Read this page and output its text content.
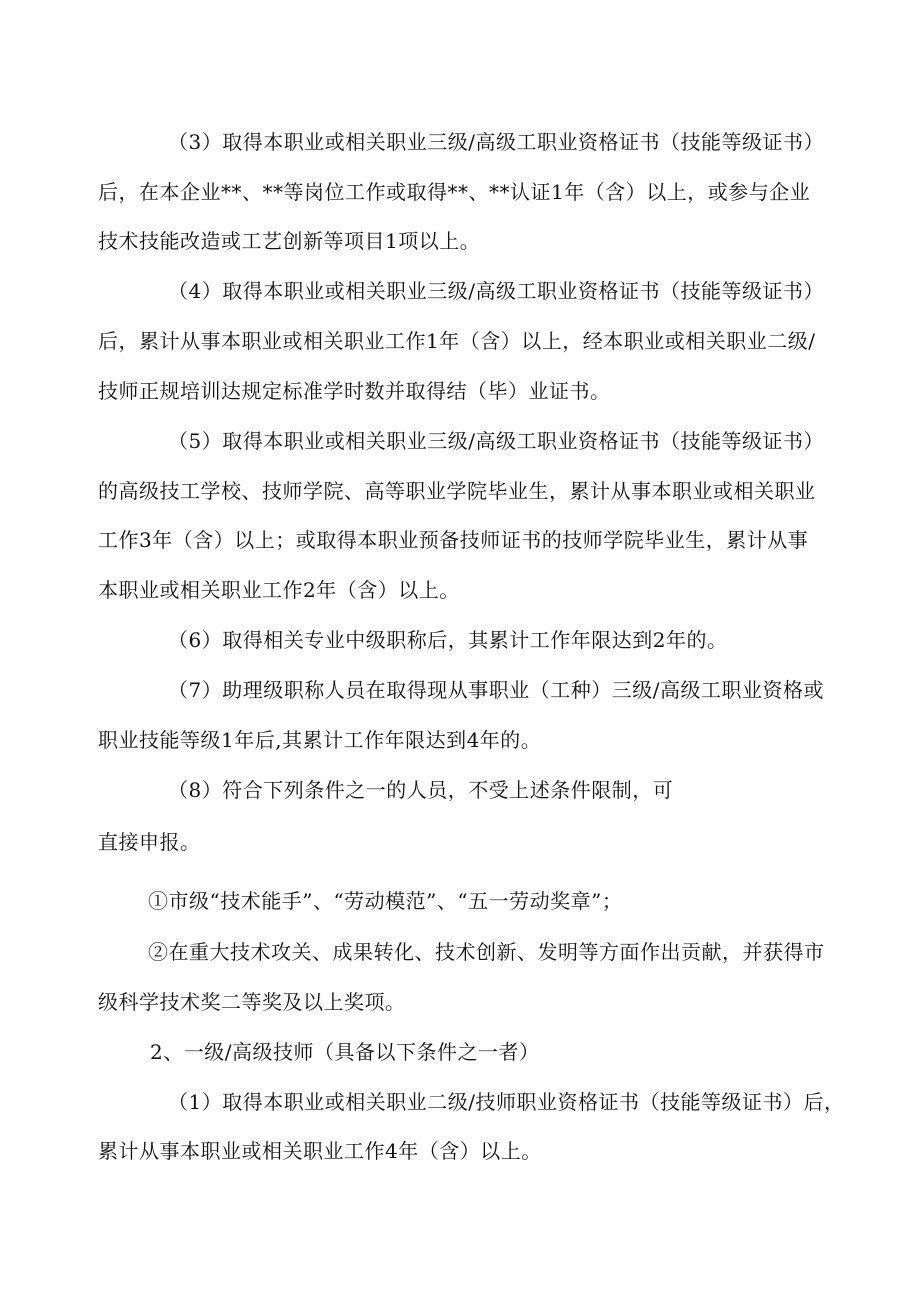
（3）取得本职业或相关职业三级/高级工职业资格证书（技能等级证书）
后，在本企业**、**等岗位工作或取得**、**认证1年（含）以上，或参与企业
技术技能改造或工艺创新等项目1项以上。
（4）取得本职业或相关职业三级/高级工职业资格证书（技能等级证书）
后，累计从事本职业或相关职业工作1年（含）以上，经本职业或相关职业二级/
技师正规培训达规定标准学时数并取得结（毕）业证书。
（5）取得本职业或相关职业三级/高级工职业资格证书（技能等级证书）
的高级技工学校、技师学院、高等职业学院毕业生，累计从事本职业或相关职业
工作3年（含）以上；或取得本职业预备技师证书的技师学院毕业生，累计从事
本职业或相关职业工作2年（含）以上。
（6）取得相关专业中级职称后，其累计工作年限达到2年的。
（7）助理级职称人员在取得现从事职业（工种）三级/高级工职业资格或
职业技能等级1年后,其累计工作年限达到4年的。
（8）符合下列条件之一的人员，不受上述条件限制，可
直接申报。
①市级“技术能手”、“劳动模范”、“五一劳动奖章”；
②在重大技术攻关、成果转化、技术创新、发明等方面作出贡献，并获得市
级科学技术奖二等奖及以上奖项。
2、一级/高级技师（具备以下条件之一者）
（1）取得本职业或相关职业二级/技师职业资格证书（技能等级证书）后，
累计从事本职业或相关职业工作4年（含）以上。
